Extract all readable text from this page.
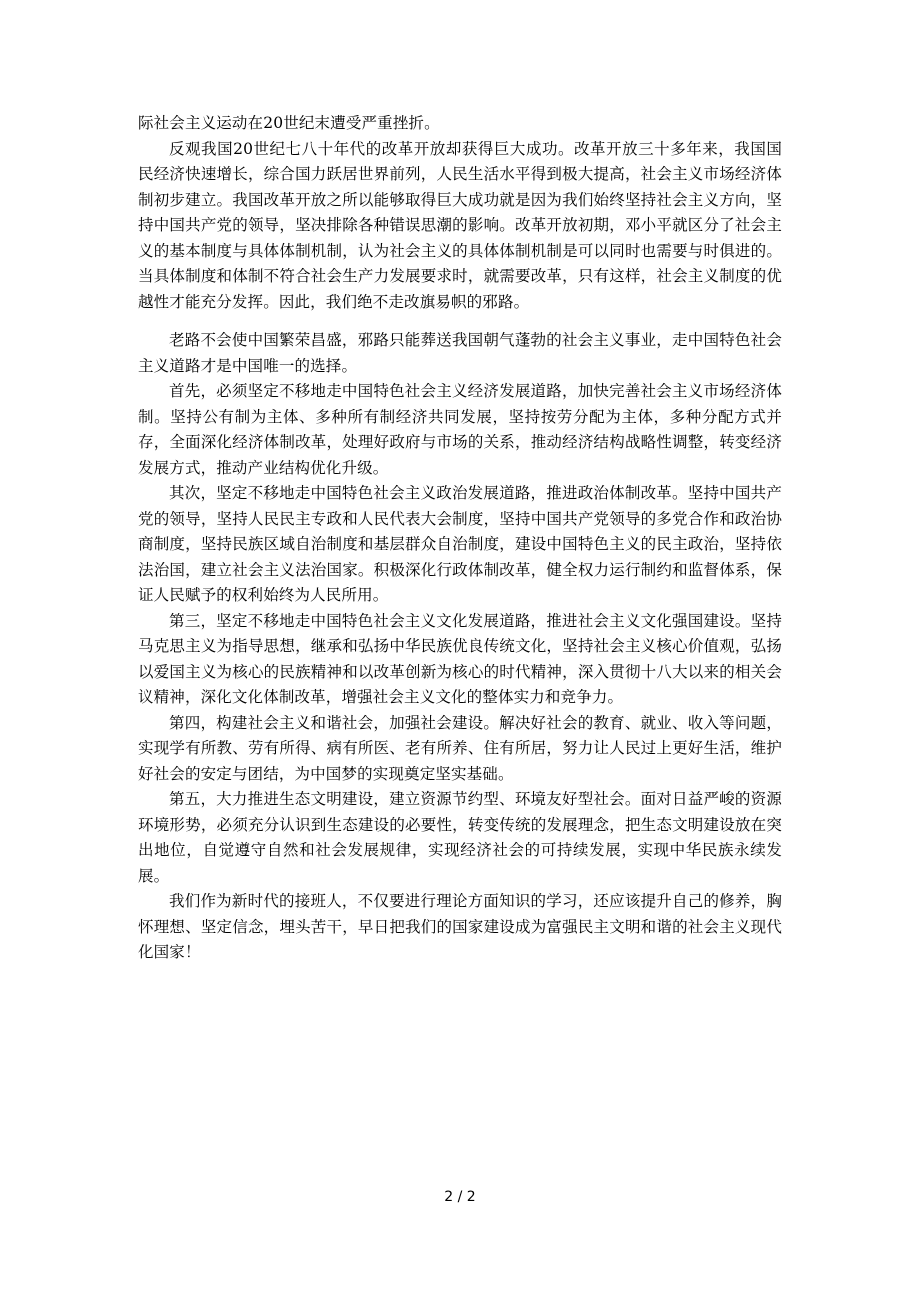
际社会主义运动在20世纪末遭受严重挫折。

反观我国20世纪七八十年代的改革开放却获得巨大成功。改革开放三十多年来，我国国民经济快速增长，综合国力跃居世界前列，人民生活水平得到极大提高，社会主义市场经济体制初步建立。我国改革开放之所以能够取得巨大成功就是因为我们始终坚持社会主义方向，坚持中国共产党的领导，坚决排除各种错误思潮的影响。改革开放初期，邓小平就区分了社会主义的基本制度与具体体制机制，认为社会主义的具体体制机制是可以同时也需要与时俱进的。当具体制度和体制不符合社会生产力发展要求时，就需要改革，只有这样，社会主义制度的优越性才能充分发挥。因此，我们绝不走改旗易帜的邪路。

老路不会使中国繁荣昌盛，邪路只能葬送我国朝气蓬勃的社会主义事业，走中国特色社会主义道路才是中国唯一的选择。

首先，必须坚定不移地走中国特色社会主义经济发展道路，加快完善社会主义市场经济体制。坚持公有制为主体、多种所有制经济共同发展，坚持按劳分配为主体，多种分配方式并存，全面深化经济体制改革，处理好政府与市场的关系，推动经济结构战略性调整，转变经济发展方式，推动产业结构优化升级。

其次，坚定不移地走中国特色社会主义政治发展道路，推进政治体制改革。坚持中国共产党的领导，坚持人民民主专政和人民代表大会制度，坚持中国共产党领导的多党合作和政治协商制度，坚持民族区域自治制度和基层群众自治制度，建设中国特色主义的民主政治，坚持依法治国，建立社会主义法治国家。积极深化行政体制改革，健全权力运行制约和监督体系，保证人民赋予的权利始终为人民所用。

第三，坚定不移地走中国特色社会主义文化发展道路，推进社会主义文化强国建设。坚持马克思主义为指导思想，继承和弘扬中华民族优良传统文化，坚持社会主义核心价值观，弘扬以爱国主义为核心的民族精神和以改革创新为核心的时代精神，深入贯彻十八大以来的相关会议精神，深化文化体制改革，增强社会主义文化的整体实力和竞争力。

第四，构建社会主义和谐社会，加强社会建设。解决好社会的教育、就业、收入等问题，实现学有所教、劳有所得、病有所医、老有所养、住有所居，努力让人民过上更好生活，维护好社会的安定与团结，为中国梦的实现奠定坚实基础。

第五，大力推进生态文明建设，建立资源节约型、环境友好型社会。面对日益严峻的资源环境形势，必须充分认识到生态建设的必要性，转变传统的发展理念，把生态文明建设放在突出地位，自觉遵守自然和社会发展规律，实现经济社会的可持续发展，实现中华民族永续发展。

我们作为新时代的接班人，不仅要进行理论方面知识的学习，还应该提升自己的修养，胸怀理想、坚定信念，埋头苦干，早日把我们的国家建设成为富强民主文明和谐的社会主义现代化国家！

2 / 2
